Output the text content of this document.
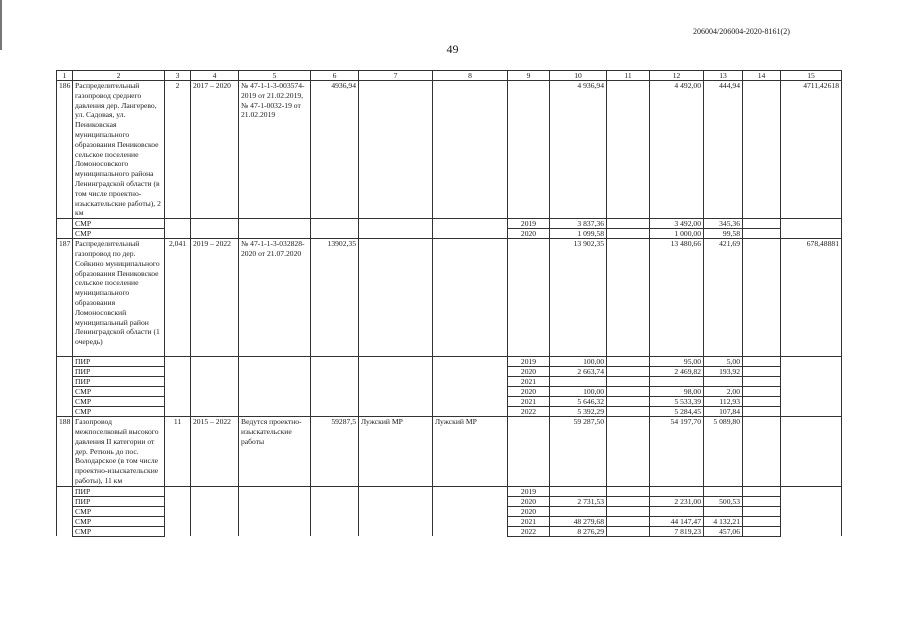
206004/206004-2020-8161(2)
49
1	2	3	4	5	6	7	8	9	10	11	12	13	14	15
186	Распределительный газопровод среднего давления дер. Лангерево, ул. Садовая, ул. Пениковская муниципального образования Пениковское сельское поселение Ломоносовского муниципального района Ленинградской области (в том числе проектно-изыскательские работы), 2 км	2	2017 – 2020	№ 47-1-1-3-003574-2019 от 21.02.2019, № 47-1-0032-19 от 21.02.2019	4936,94				4 936,94		4 492,00	444,94		4711,42618
	СМР							2019	3 837,36		3 492,00	345,36		
	СМР							2020	1 099,58		1 000,00	99,58		
187	Распределительный газопровод по дер. Сойкино муниципального образования Пениковское сельское поселение муниципального образования Ломоносовский муниципальный район Ленинградской области (1 очередь)	2,041	2019 – 2022	№ 47-1-1-3-032828-2020 от 21.07.2020	13902,35				13 902,35		13 480,66	421,69		678,48881
	ПИР							2019	100,00		95,00	5,00		
	ПИР							2020	2 663,74		2 469,82	193,92		
	ПИР							2021						
	СМР							2020	100,00		98,00	2,00		
	СМР							2021	5 646,32		5 533,39	112,93		
	СМР							2022	5 392,29		5 284,45	107,84		
188	Газопровод межпоселковый высокого давления II категории от дер. Ретюнь до пос. Володарское (в том числе проектно-изыскательские работы), 11 км	11	2015 – 2022	Ведутся проектно-изыскательские работы	59287,5	Лужский МР	Лужский МР		59 287,50		54 197,70	5 089,80		
	ПИР							2019						
	ПИР							2020	2 731,53		2 231,00	500,53		
	СМР							2020						
	СМР							2021	48 279,68		44 147,47	4 132,21		
	СМР							2022	8 276,29		7 819,23	457,06		
